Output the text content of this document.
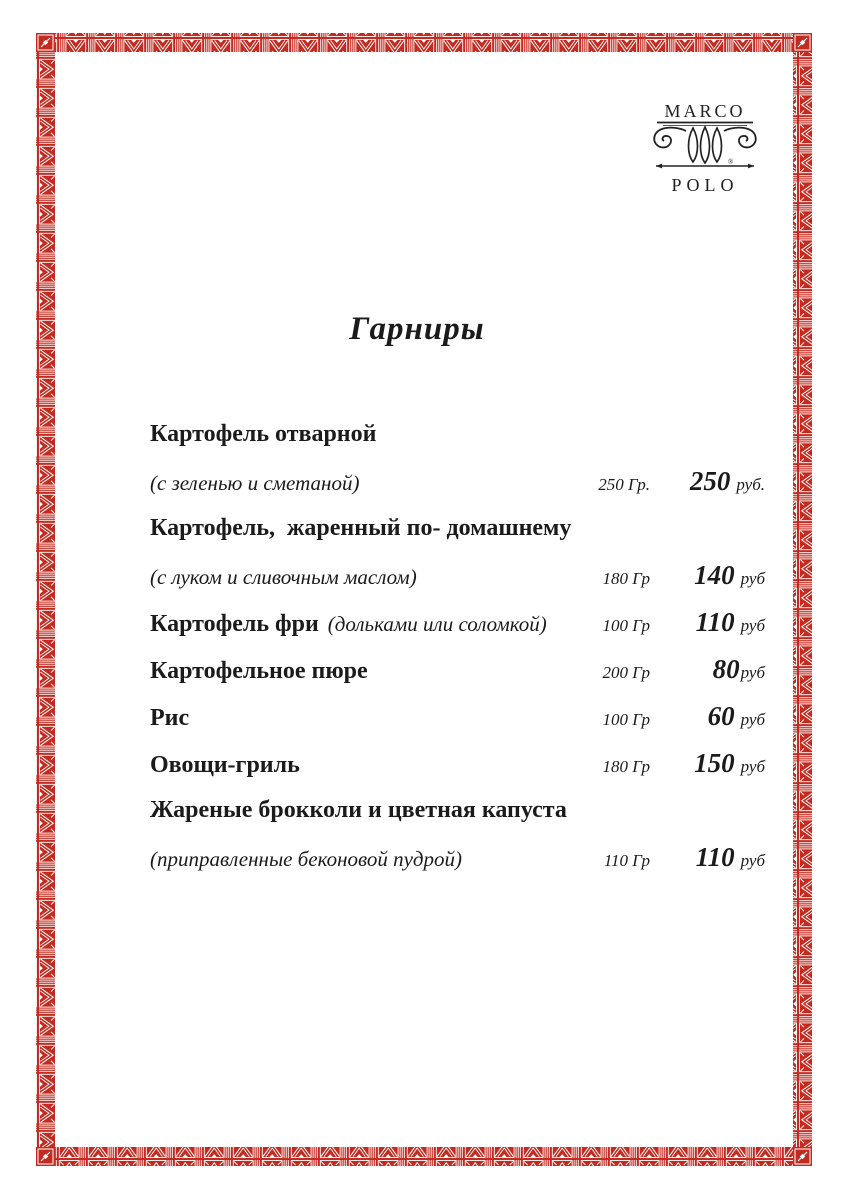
MARCO
®
POLO
Гарниры
Картофель отварной
(с зеленью и сметаной)	250 Гр.	250 руб.
Картофель,  жаренный по- домашнему
(с луком и сливочным маслом)	180 Гр	140 руб
Картофель фри (дольками или соломкой)	100 Гр	110 руб
Картофельное пюре	200 Гр	80руб
Рис	100 Гр	60 руб
Овощи-гриль	180 Гр	150 руб
Жареные брокколи и цветная капуста
(приправленные беконовой пудрой)	110 Гр	110 руб
